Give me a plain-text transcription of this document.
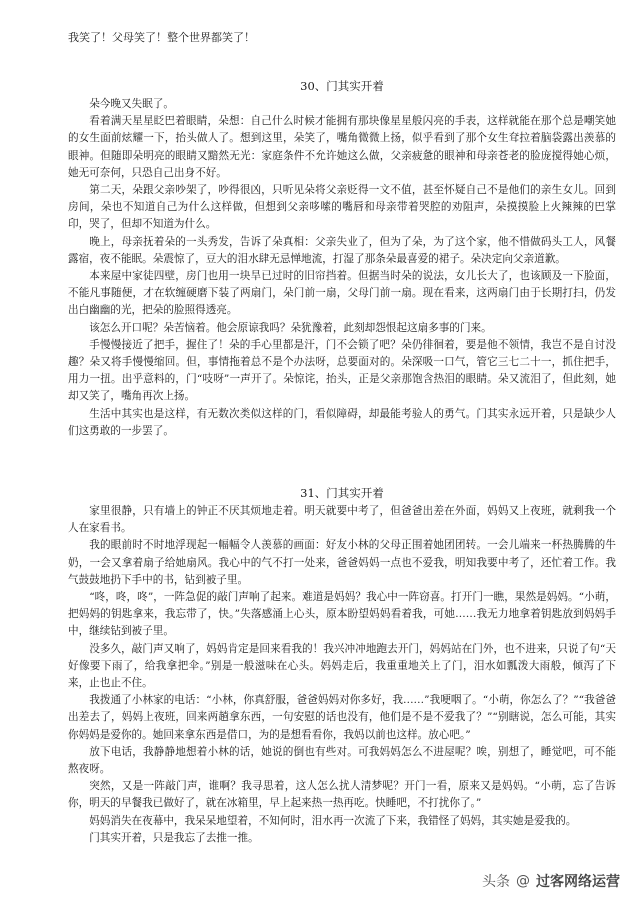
我笑了！父母笑了！整个世界都笑了！
30、门其实开着

朵今晚又失眠了。

看着满天星星眨巴着眼睛，朵想：自己什么时候才能拥有那块像星星般闪亮的手表，这样就能在那个总是嘲笑她的女生面前炫耀一下，抬头做人了。想到这里，朵笑了，嘴角微微上扬，似乎看到了那个女生耷拉着脑袋露出羡慕的眼神。但随即朵明亮的眼睛又黯然无光：家庭条件不允许她这么做，父亲疲惫的眼神和母亲苍老的脸庞搅得她心烦，她无可奈何，只恐自己出身不好。

第二天，朵跟父亲吵架了，吵得很凶，只听见朵将父亲贬得一文不值，甚至怀疑自己不是他们的亲生女儿。回到房间，朵也不知道自己为什么这样做，但想到父亲哆嗦的嘴唇和母亲带着哭腔的劝阻声，朵摸摸脸上火辣辣的巴掌印，哭了，但却不知道为什么。

晚上，母亲抚着朵的一头秀发，告诉了朵真相：父亲失业了，但为了朵，为了这个家，他不惜做码头工人，风餐露宿，夜不能眠。朵震惊了，豆大的泪水肆无忌惮地流，打湿了那条朵最喜爱的裙子。朵决定向父亲道歉。

本来屋中家徒四壁，房门也用一块旱已过时的旧帘挡着。但据当时朵的说法，女儿长大了，也该顾及一下脸面，不能凡事随便，才在软缠硬磨下装了两扇门，朵门前一扇，父母门前一扇。现在看来，这两扇门由于长期打扫，仍发出白幽幽的光，把朵的脸照得透亮。

该怎么开口呢？朵苦恼着。他会原谅我吗？朵犹豫着，此刻却怨恨起这扇多事的门来。

手慢慢接近了把手，握住了！朵的手心里都是汗，门不会锁了吧？朵仍徘徊着，要是他不领情，我岂不是自讨没趣？朵又将手慢慢缩回。但，事情拖着总不是个办法呀，总要面对的。朵深吸一口气，管它三七二十一，抓住把手，用力一扭。出乎意料的，门“吱呀”一声开了。朵惊诧，抬头，正是父亲那饱含热泪的眼睛。朵又流泪了，但此刻，她却又笑了，嘴角再次上扬。

生活中其实也是这样，有无数次类似这样的门，看似障碍，却最能考验人的勇气。门其实永远开着，只是缺少人们这勇敢的一步罢了。

31、门其实开着

家里很静，只有墙上的钟正不厌其烦地走着。明天就要中考了，但爸爸出差在外面，妈妈又上夜班，就剩我一个人在家看书。

我的眼前时不时地浮现起一幅幅令人羡慕的画面：好友小林的父母正围着她团团转。一会儿端来一杯热腾腾的牛奶，一会又拿着扇子给她扇风。我心中的气不打一处来，爸爸妈妈一点也不爱我，明知我要中考了，还忙着工作。我气鼓鼓地扔下手中的书，钻到被子里。

“咚，咚，咚”，一阵急促的敲门声响了起来。难道是妈妈？我心中一阵窃喜。打开门一瞧，果然是妈妈。“小萌，把妈妈的钥匙拿来，我忘带了，快。”失落感涌上心头，原本盼望妈妈看着我，可她……我无力地拿着钥匙放到妈妈手中，继续钻到被子里。

没多久，敲门声又响了，妈妈肯定是回来看我的！我兴冲冲地跑去开门，妈妈站在门外，也不进来，只说了句“天好像要下雨了，给我拿把伞。”别是一般滋味在心头。妈妈走后，我重重地关上了门，泪水如瓢泼大雨般，倾泻了下来，止也止不住。

我拨通了小林家的电话：“小林，你真舒服，爸爸妈妈对你多好，我……”我哽咽了。“小萌，你怎么了？”“我爸爸出差去了，妈妈上夜班，回来两趟拿东西，一句安慰的话也没有，他们是不是不爱我了？”“别瞎说，怎么可能，其实你妈妈是爱你的。她回来拿东西是借口，为的是想看看你，我妈以前也这样。放心吧。”

放下电话，我静静地想着小林的话，她说的倒也有些对。可我妈妈怎么不进屋呢？唉，别想了，睡觉吧，可不能熬夜呀。

突然，又是一阵敲门声，谁啊？我寻思着，这人怎么扰人清梦呢？开门一看，原来又是妈妈。“小萌，忘了告诉你，明天的早餐我已做好了，就在冰箱里，早上起来热一热再吃。快睡吧，不打扰你了。”

妈妈消失在夜幕中，我呆呆地望着，不知何时，泪水再一次流了下来，我错怪了妈妈，其实她是爱我的。

门其实开着，只是我忘了去推一推。

头条 @ 过客网络运营
